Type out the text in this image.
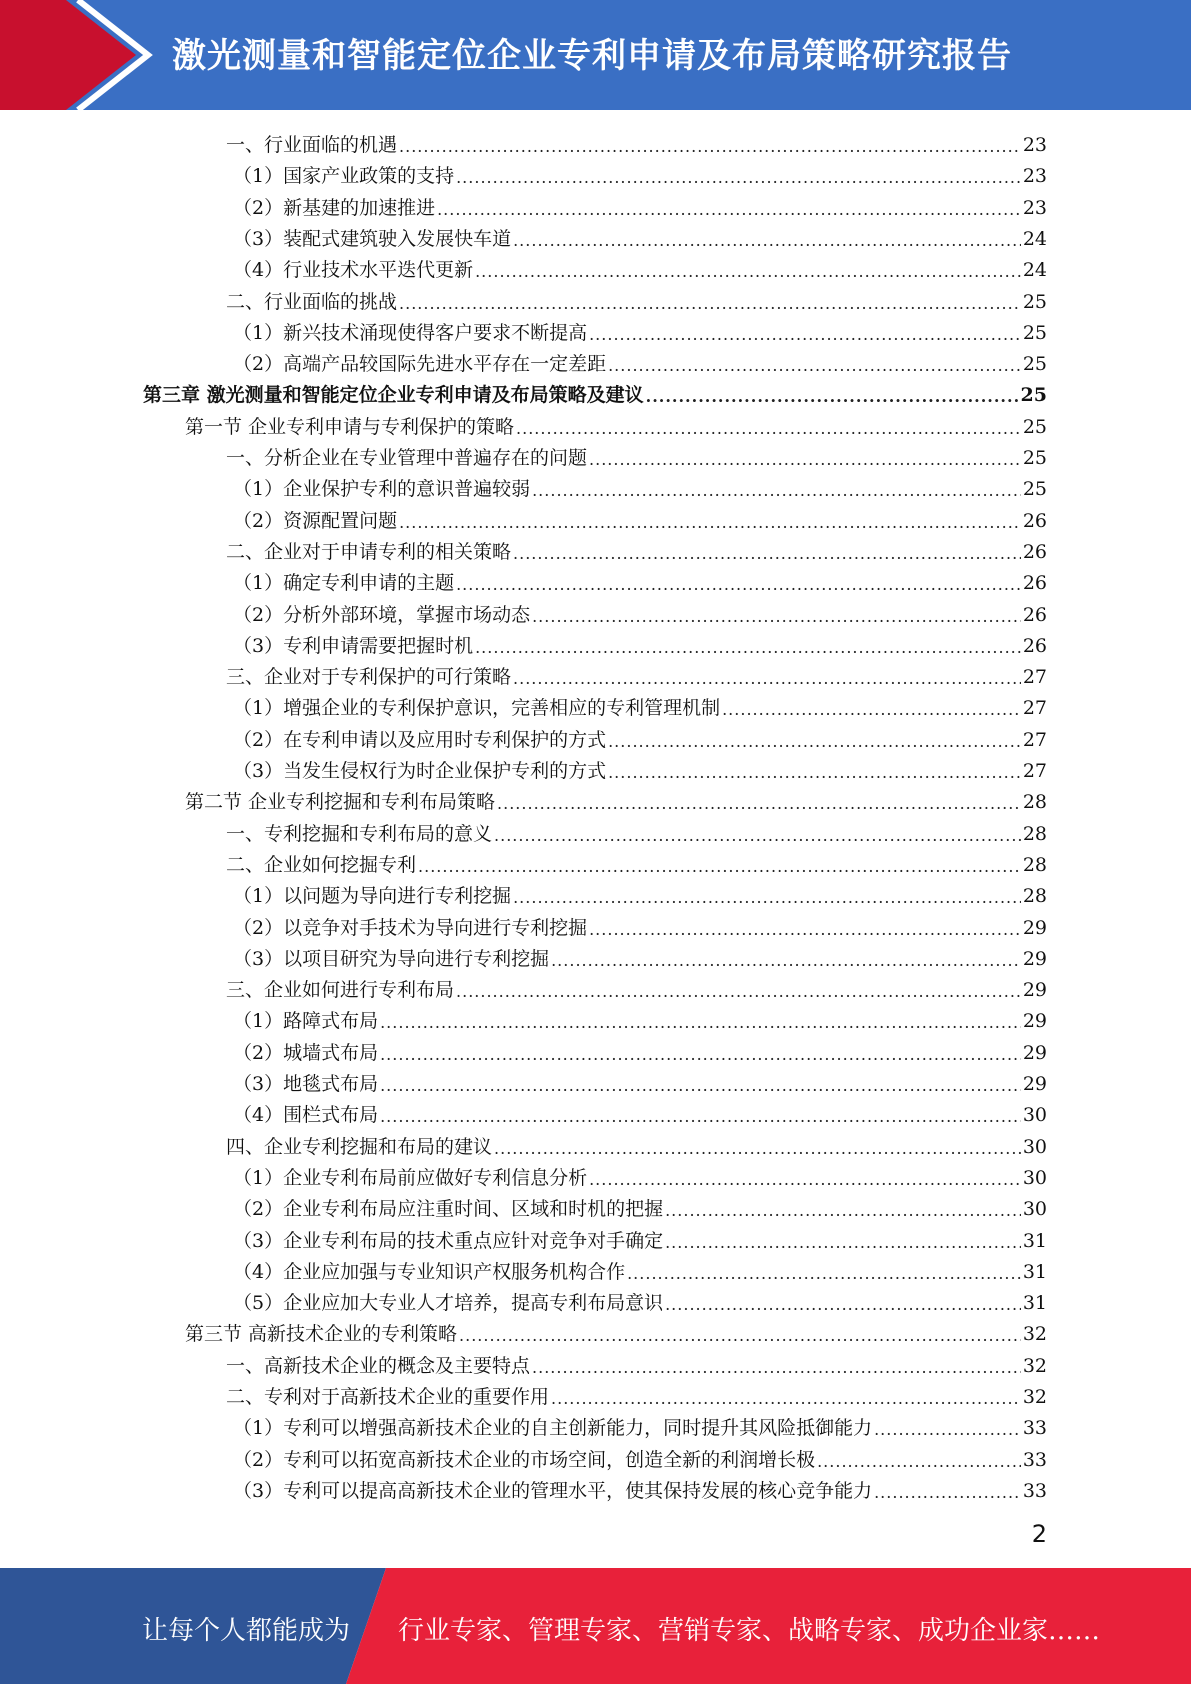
激光测量和智能定位企业专利申请及布局策略研究报告
一、行业面临的机遇 .....	23
（1）国家产业政策的支持 .....	23
（2）新基建的加速推进 .....	23
（3）装配式建筑驶入发展快车道 .....	24
（4）行业技术水平迭代更新 .....	24
二、行业面临的挑战 .....	25
（1）新兴技术涌现使得客户要求不断提高 .....	25
（2）高端产品较国际先进水平存在一定差距 .....	25
第三章 激光测量和智能定位企业专利申请及布局策略及建议 .....	25
第一节 企业专利申请与专利保护的策略 .....	25
一、分析企业在专业管理中普遍存在的问题 .....	25
（1）企业保护专利的意识普遍较弱 .....	25
（2）资源配置问题 .....	26
二、企业对于申请专利的相关策略 .....	26
（1）确定专利申请的主题 .....	26
（2）分析外部环境，掌握市场动态 .....	26
（3）专利申请需要把握时机 .....	26
三、企业对于专利保护的可行策略 .....	27
（1）增强企业的专利保护意识，完善相应的专利管理机制 .....	27
（2）在专利申请以及应用时专利保护的方式 .....	27
（3）当发生侵权行为时企业保护专利的方式 .....	27
第二节 企业专利挖掘和专利布局策略 .....	28
一、专利挖掘和专利布局的意义 .....	28
二、企业如何挖掘专利 .....	28
（1）以问题为导向进行专利挖掘 .....	28
（2）以竞争对手技术为导向进行专利挖掘 .....	29
（3）以项目研究为导向进行专利挖掘 .....	29
三、企业如何进行专利布局 .....	29
（1）路障式布局 .....	29
（2）城墙式布局 .....	29
（3）地毯式布局 .....	29
（4）围栏式布局 .....	30
四、企业专利挖掘和布局的建议 .....	30
（1）企业专利布局前应做好专利信息分析 .....	30
（2）企业专利布局应注重时间、区域和时机的把握 .....	30
（3）企业专利布局的技术重点应针对竞争对手确定 .....	31
（4）企业应加强与专业知识产权服务机构合作 .....	31
（5）企业应加大专业人才培养，提高专利布局意识 .....	31
第三节 高新技术企业的专利策略 .....	32
一、高新技术企业的概念及主要特点 .....	32
二、专利对于高新技术企业的重要作用 .....	32
（1）专利可以增强高新技术企业的自主创新能力，同时提升其风险抵御能力 .....	33
（2）专利可以拓宽高新技术企业的市场空间，创造全新的利润增长极 .....	33
（3）专利可以提高高新技术企业的管理水平，使其保持发展的核心竞争能力 .....	33
2
让每个人都能成为 行业专家、管理专家、营销专家、战略专家、成功企业家……
